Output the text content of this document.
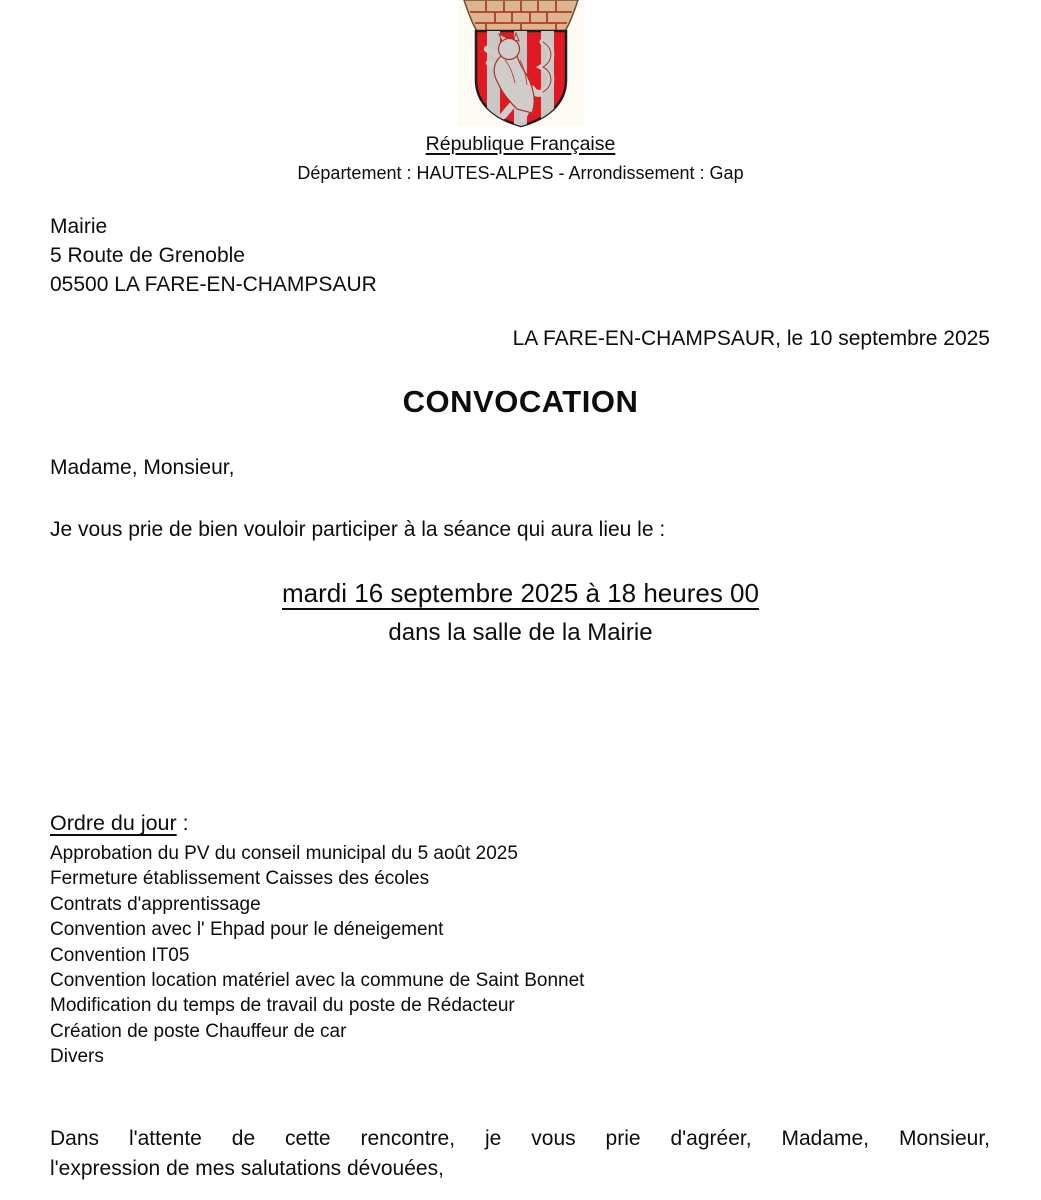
République Française
Département : HAUTES-ALPES - Arrondissement : Gap
Mairie
5 Route de Grenoble
05500 LA FARE-EN-CHAMPSAUR
LA FARE-EN-CHAMPSAUR, le 10 septembre 2025
CONVOCATION
Madame, Monsieur,
Je vous prie de bien vouloir participer à la séance qui aura lieu le :
mardi 16 septembre 2025 à 18 heures 00
dans la salle de la Mairie
Ordre du jour :
Approbation du PV du conseil municipal du 5 août 2025
Fermeture établissement Caisses des écoles
Contrats d'apprentissage
Convention avec l' Ehpad pour le déneigement
Convention IT05
Convention location matériel avec la commune de Saint Bonnet
Modification du temps de travail du poste de Rédacteur
Création de poste Chauffeur de car
Divers
Dans l'attente de cette rencontre, je vous prie d'agréer, Madame, Monsieur,
l'expression de mes salutations dévouées,
